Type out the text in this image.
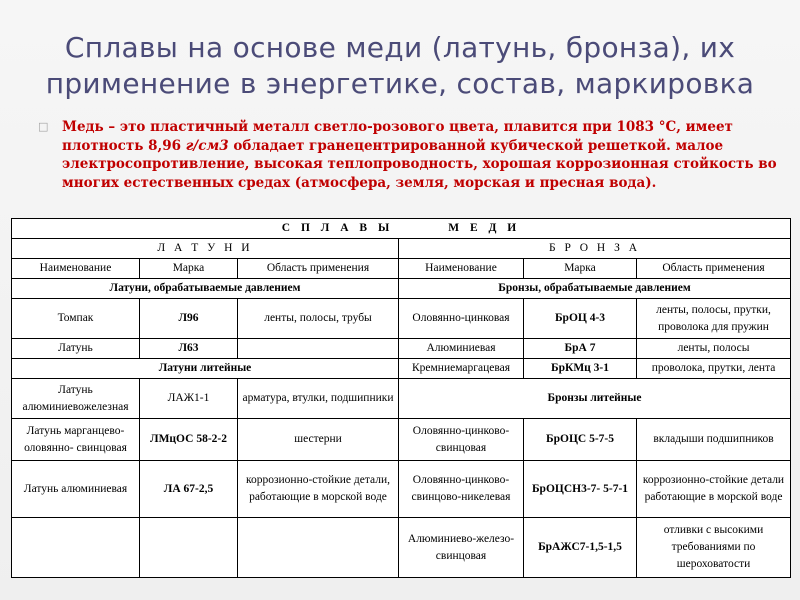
Сплавы на основе меди (латунь, бронза), их применение в энергетике, состав, маркировка
□	Медь – это пластичный металл светло-розового цвета, плавится при 1083 °С, имеет плотность 8,96 г/см3 обладает гранецентрированной кубической решеткой. малое электросопротивление, высокая теплопроводность, хорошая коррозионная стойкость во многих естественных средах (атмосфера, земля, морская и пресная вода).
С П Л А В Ы        М Е Д И					
Л А Т У Н И			Б Р О Н З А		
Наименование	Марка	Область применения	Наименование	Марка	Область применения
Латуни, обрабатываемые давлением			Бронзы, обрабатываемые давлением		
Томпак	Л96	ленты, полосы, трубы	Оловянно-цинковая	БрОЦ 4-3	ленты, полосы, прутки, проволока для пружин
Латунь	Л63		Алюминиевая	БрА 7	ленты, полосы
Латуни литейные			Кремниемаргацевая	БрКМц 3-1	проволока, прутки, лента
Латунь алюминиевожелезная	ЛАЖ1-1	арматура, втулки, подшипники	Бронзы литейные		
Латунь марганцево-оловянно- свинцовая	ЛМцОС 58-2-2	шестерни	Оловянно-цинково-свинцовая	БрОЦС 5-7-5	вкладыши подшипников
Латунь алюминиевая	ЛА 67-2,5	коррозионно-стойкие детали, работающие в морской воде	Оловянно-цинково-свинцово-никелевая	БрОЦСН3-7- 5-7-1	коррозионно-стойкие детали работающие в морской воде
			Алюминиево-железо-свинцовая	БрАЖС7-1,5-1,5	отливки с высокими требованиями по шероховатости
